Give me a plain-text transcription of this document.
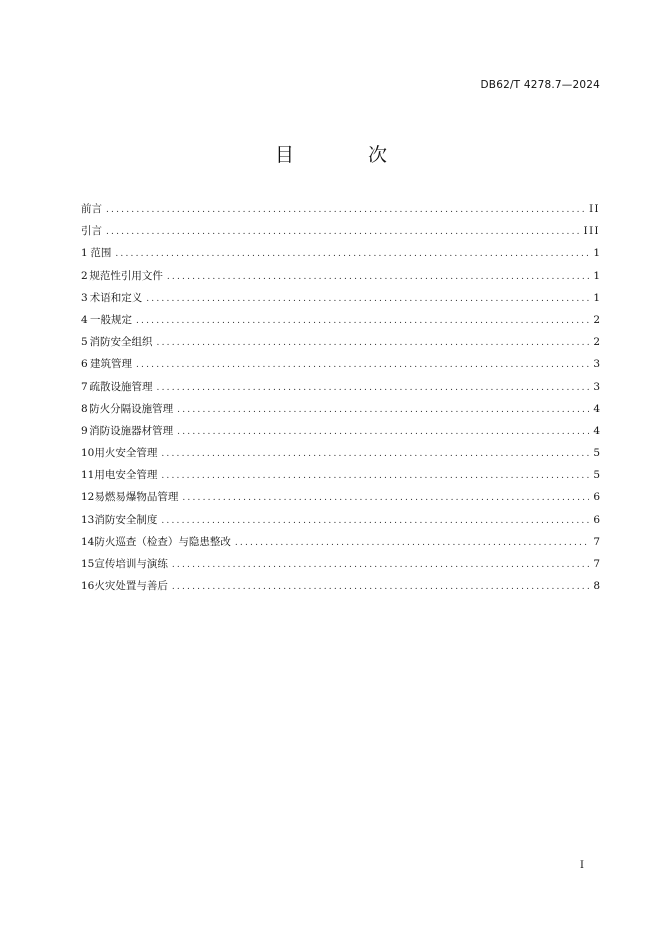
DB62/T 4278.7—2024
目 次
前言 .....	II
引言 .....	III
1 范围 .....	1
2 规范性引用文件 .....	1
3 术语和定义 .....	1
4 一般规定 .....	2
5 消防安全组织 .....	2
6 建筑管理 .....	3
7 疏散设施管理 .....	3
8 防火分隔设施管理 .....	4
9 消防设施器材管理 .....	4
10 用火安全管理 .....	5
11 用电安全管理 .....	5
12 易燃易爆物品管理 .....	6
13 消防安全制度 .....	6
14 防火巡查（检查）与隐患整改 .....	7
15 宣传培训与演练 .....	7
16 火灾处置与善后 .....	8
I
